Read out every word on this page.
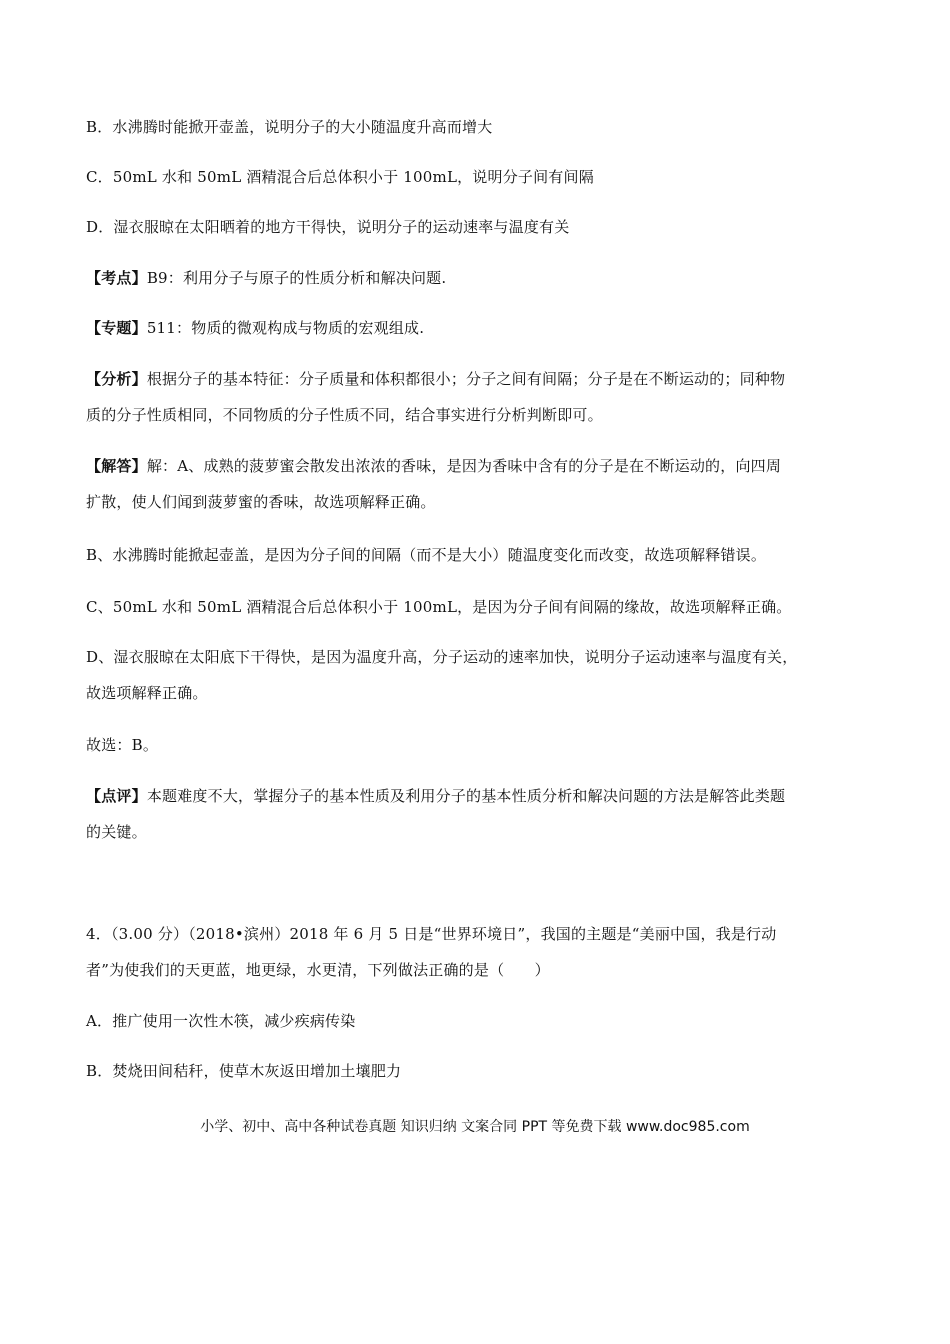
B．水沸腾时能掀开壶盖，说明分子的大小随温度升高而增大
C．50mL 水和 50mL 酒精混合后总体积小于 100mL，说明分子间有间隔
D．湿衣服晾在太阳晒着的地方干得快，说明分子的运动速率与温度有关
【考点】B9：利用分子与原子的性质分析和解决问题.
【专题】511：物质的微观构成与物质的宏观组成.
【分析】根据分子的基本特征：分子质量和体积都很小；分子之间有间隔；分子是在不断运动的；同种物
质的分子性质相同，不同物质的分子性质不同，结合事实进行分析判断即可。
【解答】解：A、成熟的菠萝蜜会散发出浓浓的香味，是因为香味中含有的分子是在不断运动的，向四周
扩散，使人们闻到菠萝蜜的香味，故选项解释正确。
B、水沸腾时能掀起壶盖，是因为分子间的间隔（而不是大小）随温度变化而改变，故选项解释错误。
C、50mL 水和 50mL 酒精混合后总体积小于 100mL，是因为分子间有间隔的缘故，故选项解释正确。
D、湿衣服晾在太阳底下干得快，是因为温度升高，分子运动的速率加快，说明分子运动速率与温度有关，
故选项解释正确。
故选：B。
【点评】本题难度不大，掌握分子的基本性质及利用分子的基本性质分析和解决问题的方法是解答此类题
的关键。
4．（3.00 分）（2018•滨州）2018 年 6 月 5 日是“世界环境日”，我国的主题是“美丽中国，我是行动
者”为使我们的天更蓝，地更绿，水更清，下列做法正确的是（　　）
A．推广使用一次性木筷，减少疾病传染
B．焚烧田间秸秆，使草木灰返田增加土壤肥力
小学、初中、高中各种试卷真题 知识归纳 文案合同 PPT 等免费下载 www.doc985.com
